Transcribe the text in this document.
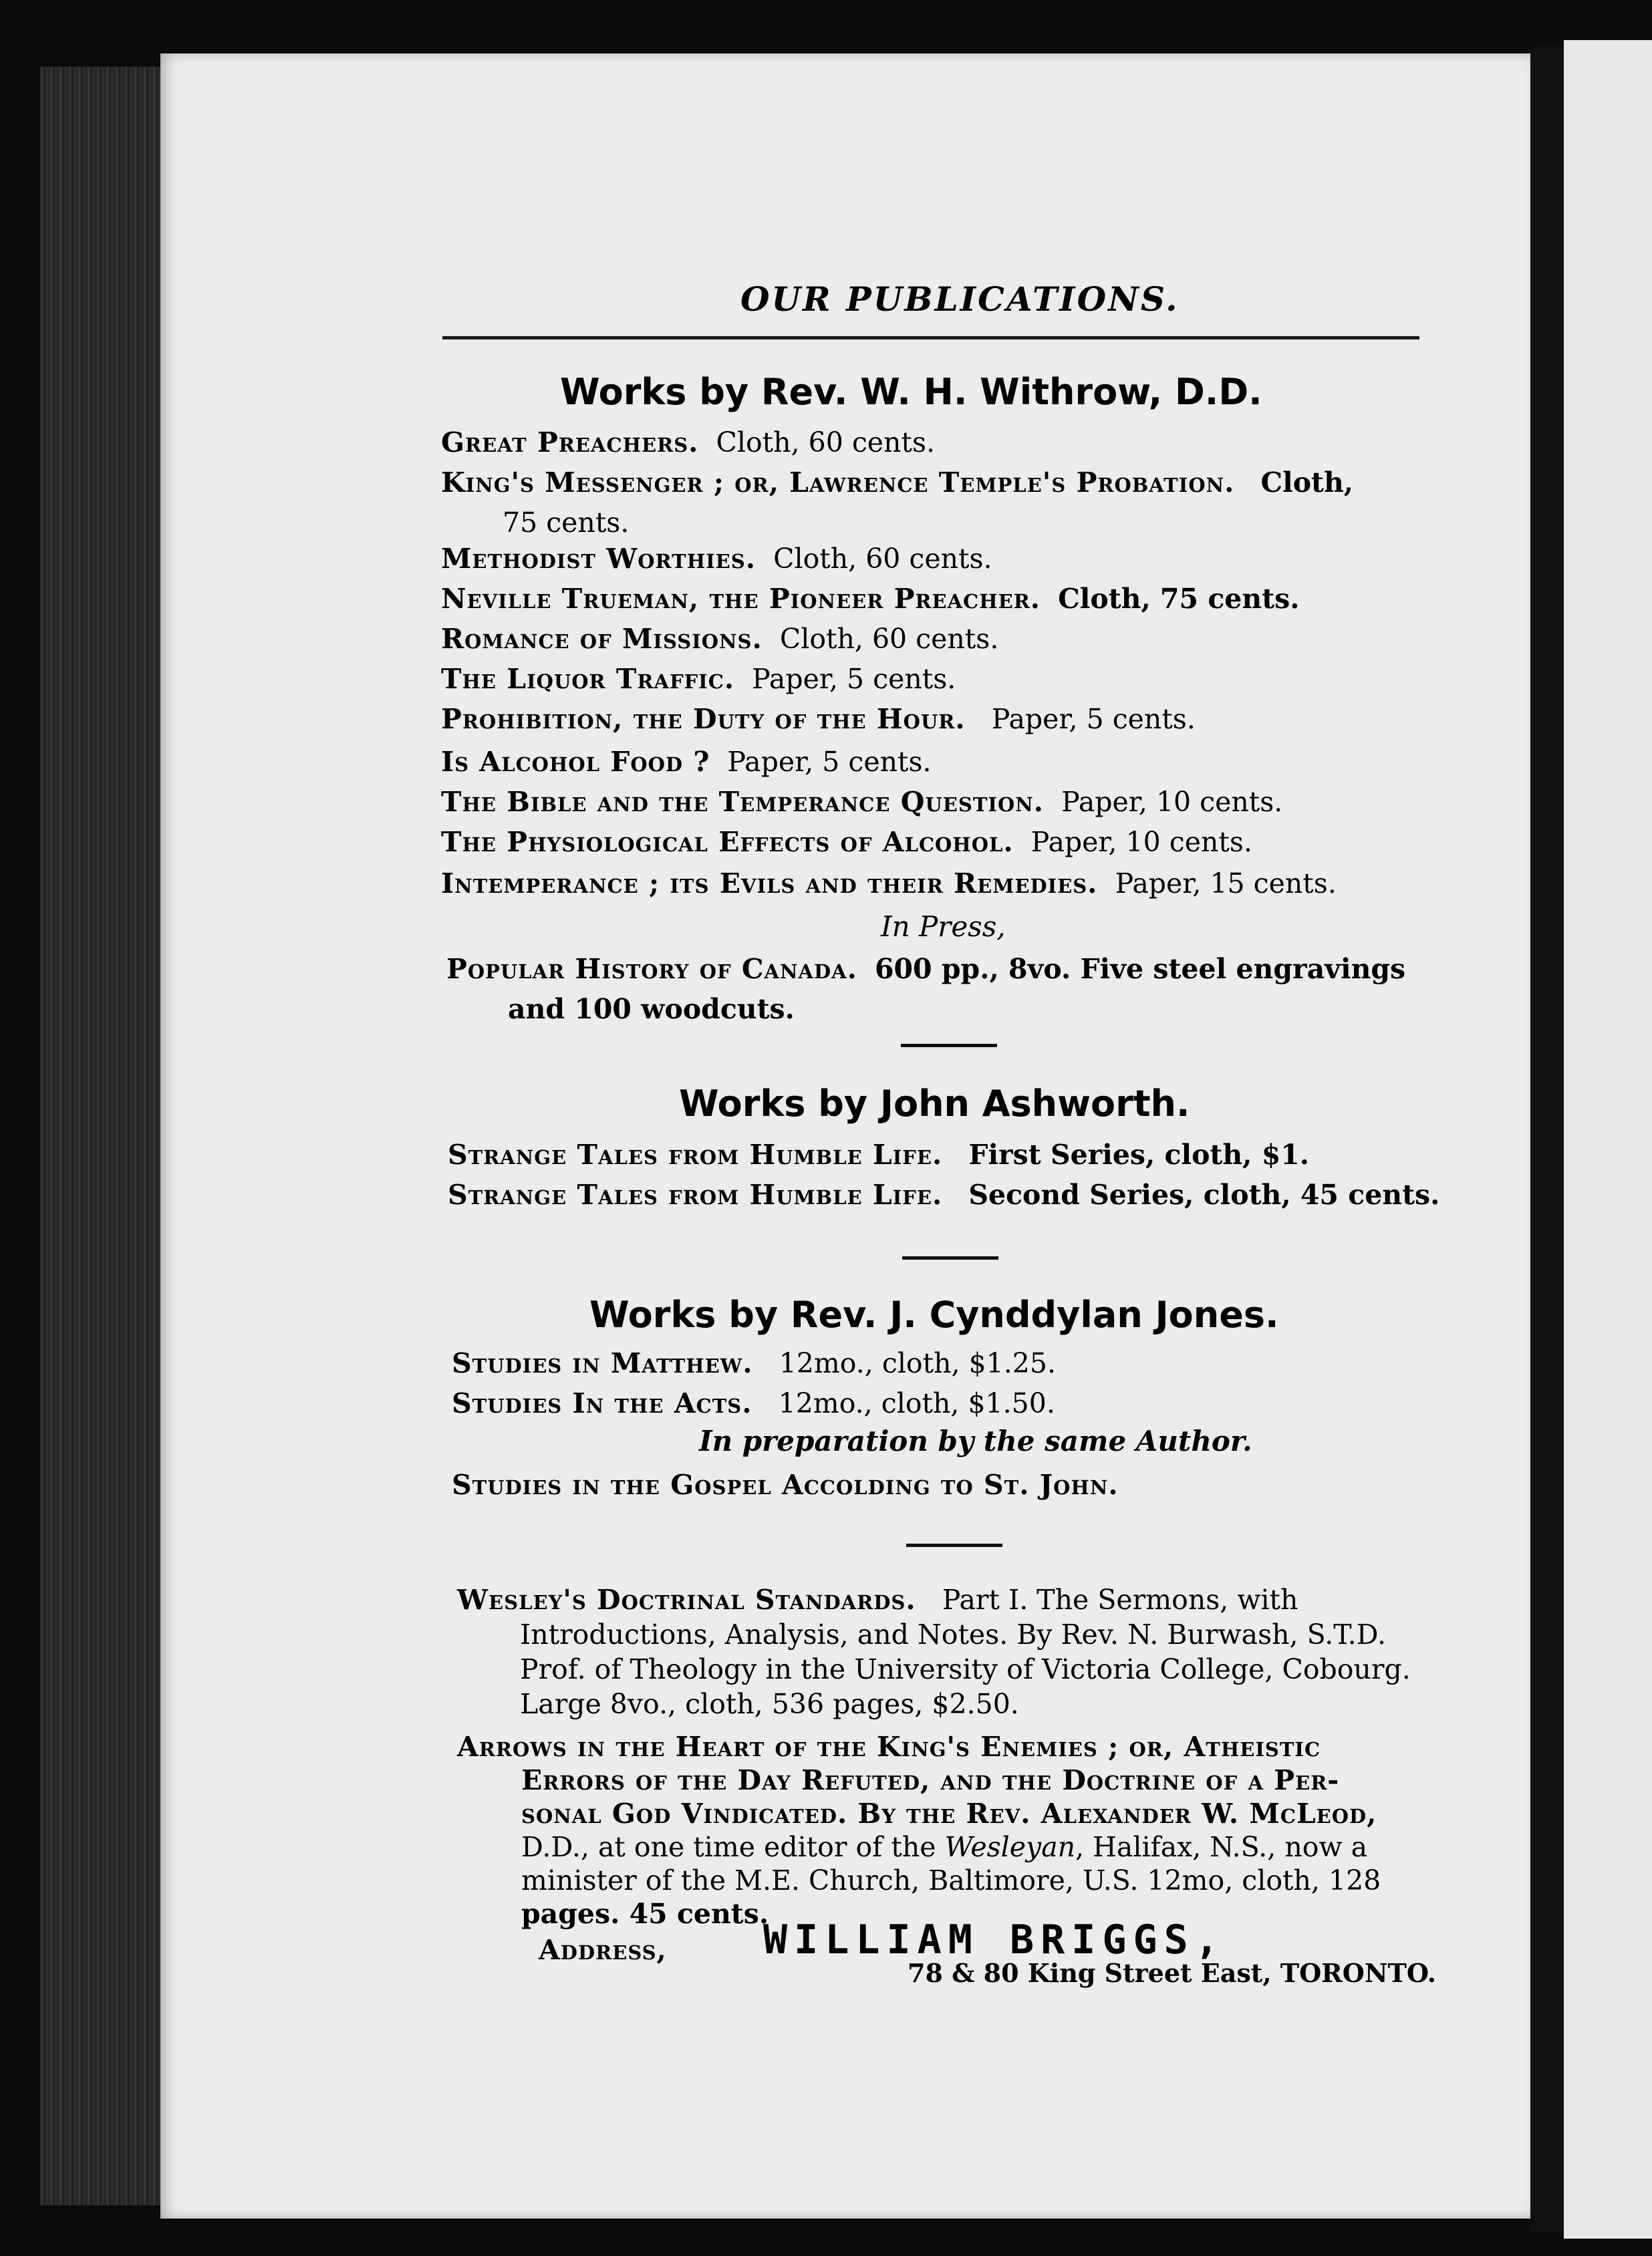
OUR PUBLICATIONS.
Works by Rev. W. H. Withrow, D.D.
Great Preachers. Cloth, 60 cents.
King's Messenger ; or, Lawrence Temple's Probation. Cloth,
75 cents.
Methodist Worthies. Cloth, 60 cents.
Neville Trueman, the Pioneer Preacher. Cloth, 75 cents.
Romance of Missions. Cloth, 60 cents.
The Liquor Traffic. Paper, 5 cents.
Prohibition, the Duty of the Hour. Paper, 5 cents.
Is Alcohol Food ? Paper, 5 cents.
The Bible and the Temperance Question. Paper, 10 cents.
The Physiological Effects of Alcohol. Paper, 10 cents.
Intemperance ; its Evils and their Remedies. Paper, 15 cents.
In Press,
Popular History of Canada. 600 pp., 8vo. Five steel engravings
and 100 woodcuts.
Works by John Ashworth.
Strange Tales from Humble Life. First Series, cloth, $1.
Strange Tales from Humble Life. Second Series, cloth, 45 cents.
Works by Rev. J. Cynddylan Jones.
Studies in Matthew. 12mo., cloth, $1.25.
Studies In the Acts. 12mo., cloth, $1.50.
In preparation by the same Author.
Studies in the Gospel Accolding to St. John.
Wesley's Doctrinal Standards. Part I. The Sermons, with
Introductions, Analysis, and Notes. By Rev. N. Burwash, S.T.D.
Prof. of Theology in the University of Victoria College, Cobourg.
Large 8vo., cloth, 536 pages, $2.50.
Arrows in the Heart of the King's Enemies ; or, Atheistic
Errors of the Day Refuted, and the Doctrine of a Per-
sonal God Vindicated. By the Rev. Alexander W. McLeod,
D.D., at one time editor of the Wesleyan, Halifax, N.S., now a
minister of the M.E. Church, Baltimore, U.S. 12mo, cloth, 128
pages. 45 cents.
Address, WILLIAM BRIGGS,
78 & 80 King Street East, TORONTO.
